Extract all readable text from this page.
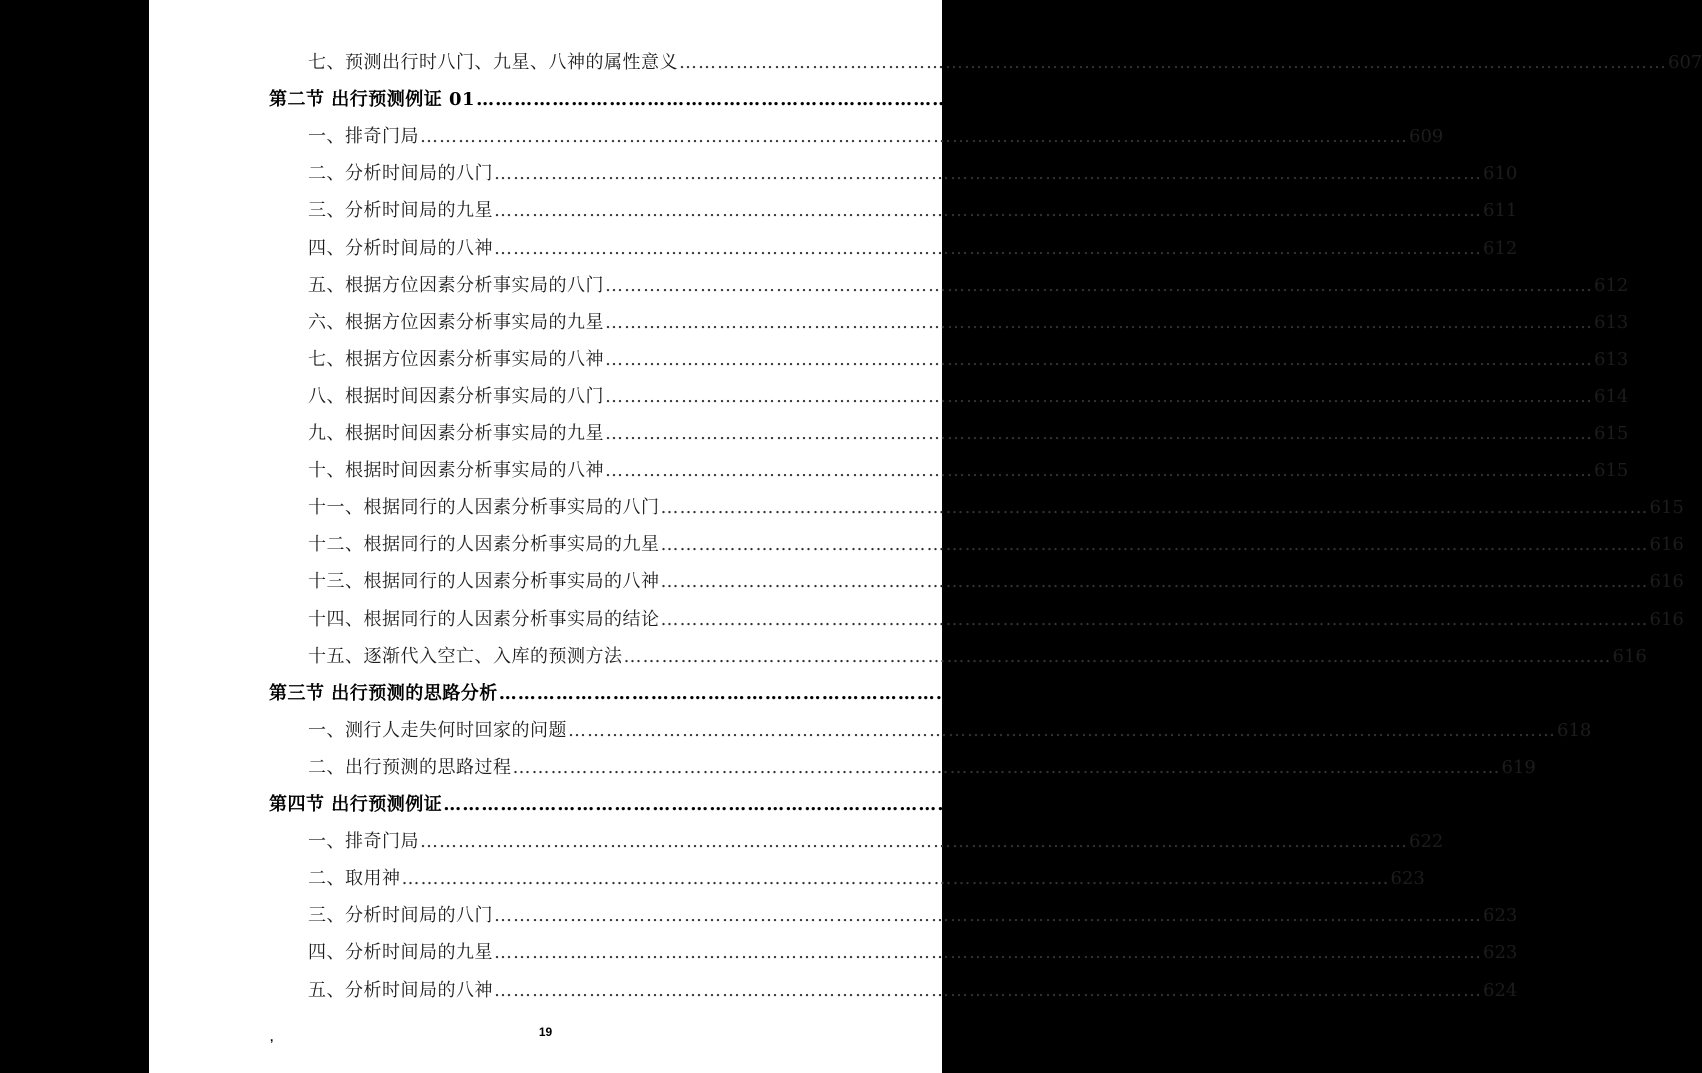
七、预测出行时八门、九星、八神的属性意义 ………………………………………………………………………………………………………………………………………… 607
第二节 出行预测例证 01 ………………………………………………………………………………………………………………………………………… 609
一、排奇门局 ………………………………………………………………………………………………………………………………………… 609
二、分析时间局的八门 ………………………………………………………………………………………………………………………………………… 610
三、分析时间局的九星 ………………………………………………………………………………………………………………………………………… 611
四、分析时间局的八神 ………………………………………………………………………………………………………………………………………… 612
五、根据方位因素分析事实局的八门 ………………………………………………………………………………………………………………………………………… 612
六、根据方位因素分析事实局的九星 ………………………………………………………………………………………………………………………………………… 613
七、根据方位因素分析事实局的八神 ………………………………………………………………………………………………………………………………………… 613
八、根据时间因素分析事实局的八门 ………………………………………………………………………………………………………………………………………… 614
九、根据时间因素分析事实局的九星 ………………………………………………………………………………………………………………………………………… 615
十、根据时间因素分析事实局的八神 ………………………………………………………………………………………………………………………………………… 615
十一、根据同行的人因素分析事实局的八门 ………………………………………………………………………………………………………………………………………… 615
十二、根据同行的人因素分析事实局的九星 ………………………………………………………………………………………………………………………………………… 616
十三、根据同行的人因素分析事实局的八神 ………………………………………………………………………………………………………………………………………… 616
十四、根据同行的人因素分析事实局的结论 ………………………………………………………………………………………………………………………………………… 616
十五、逐渐代入空亡、入库的预测方法 ………………………………………………………………………………………………………………………………………… 616
第三节 出行预测的思路分析 ………………………………………………………………………………………………………………………………………… 618
一、测行人走失何时回家的问题 ………………………………………………………………………………………………………………………………………… 618
二、出行预测的思路过程 ………………………………………………………………………………………………………………………………………… 619
第四节 出行预测例证 ………………………………………………………………………………………………………………………………………… 622
一、排奇门局 ………………………………………………………………………………………………………………………………………… 622
二、取用神 ………………………………………………………………………………………………………………………………………… 623
三、分析时间局的八门 ………………………………………………………………………………………………………………………………………… 623
四、分析时间局的九星 ………………………………………………………………………………………………………………………………………… 623
五、分析时间局的八神 ………………………………………………………………………………………………………………………………………… 624
,	19
